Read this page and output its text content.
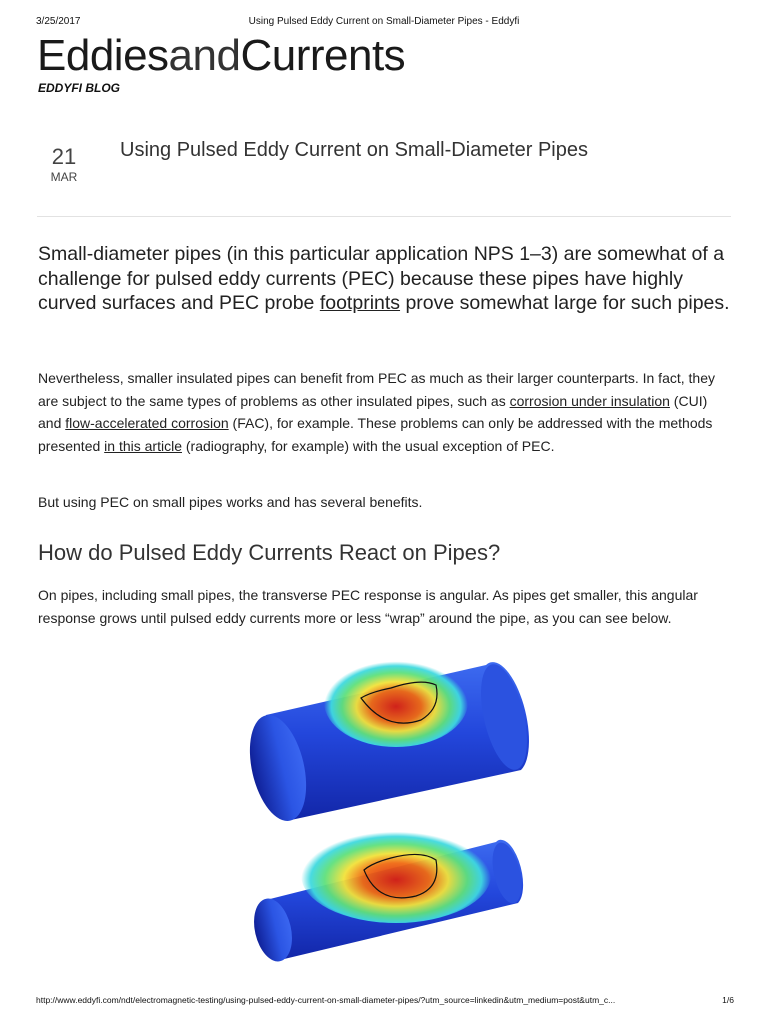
3/25/2017	Using Pulsed Eddy Current on Small-Diameter Pipes - Eddyfi
EddiesandCurrents
EDDYFI BLOG
21
MAR
Using Pulsed Eddy Current on Small-Diameter Pipes

Small-diameter pipes (in this particular application NPS 1–3) are somewhat of a challenge for pulsed eddy currents (PEC) because these pipes have highly curved surfaces and PEC probe footprints prove somewhat large for such pipes.

Nevertheless, smaller insulated pipes can benefit from PEC as much as their larger counterparts. In fact, they are subject to the same types of problems as other insulated pipes, such as corrosion under insulation (CUI) and flow-accelerated corrosion (FAC), for example. These problems can only be addressed with the methods presented in this article (radiography, for example) with the usual exception of PEC.

But using PEC on small pipes works and has several benefits.

How do Pulsed Eddy Currents React on Pipes?

On pipes, including small pipes, the transverse PEC response is angular. As pipes get smaller, this angular response grows until pulsed eddy currents more or less “wrap” around the pipe, as you can see below.

http://www.eddyfi.com/ndt/electromagnetic-testing/using-pulsed-eddy-current-on-small-diameter-pipes/?utm_source=linkedin&utm_medium=post&utm_c...	1/6
